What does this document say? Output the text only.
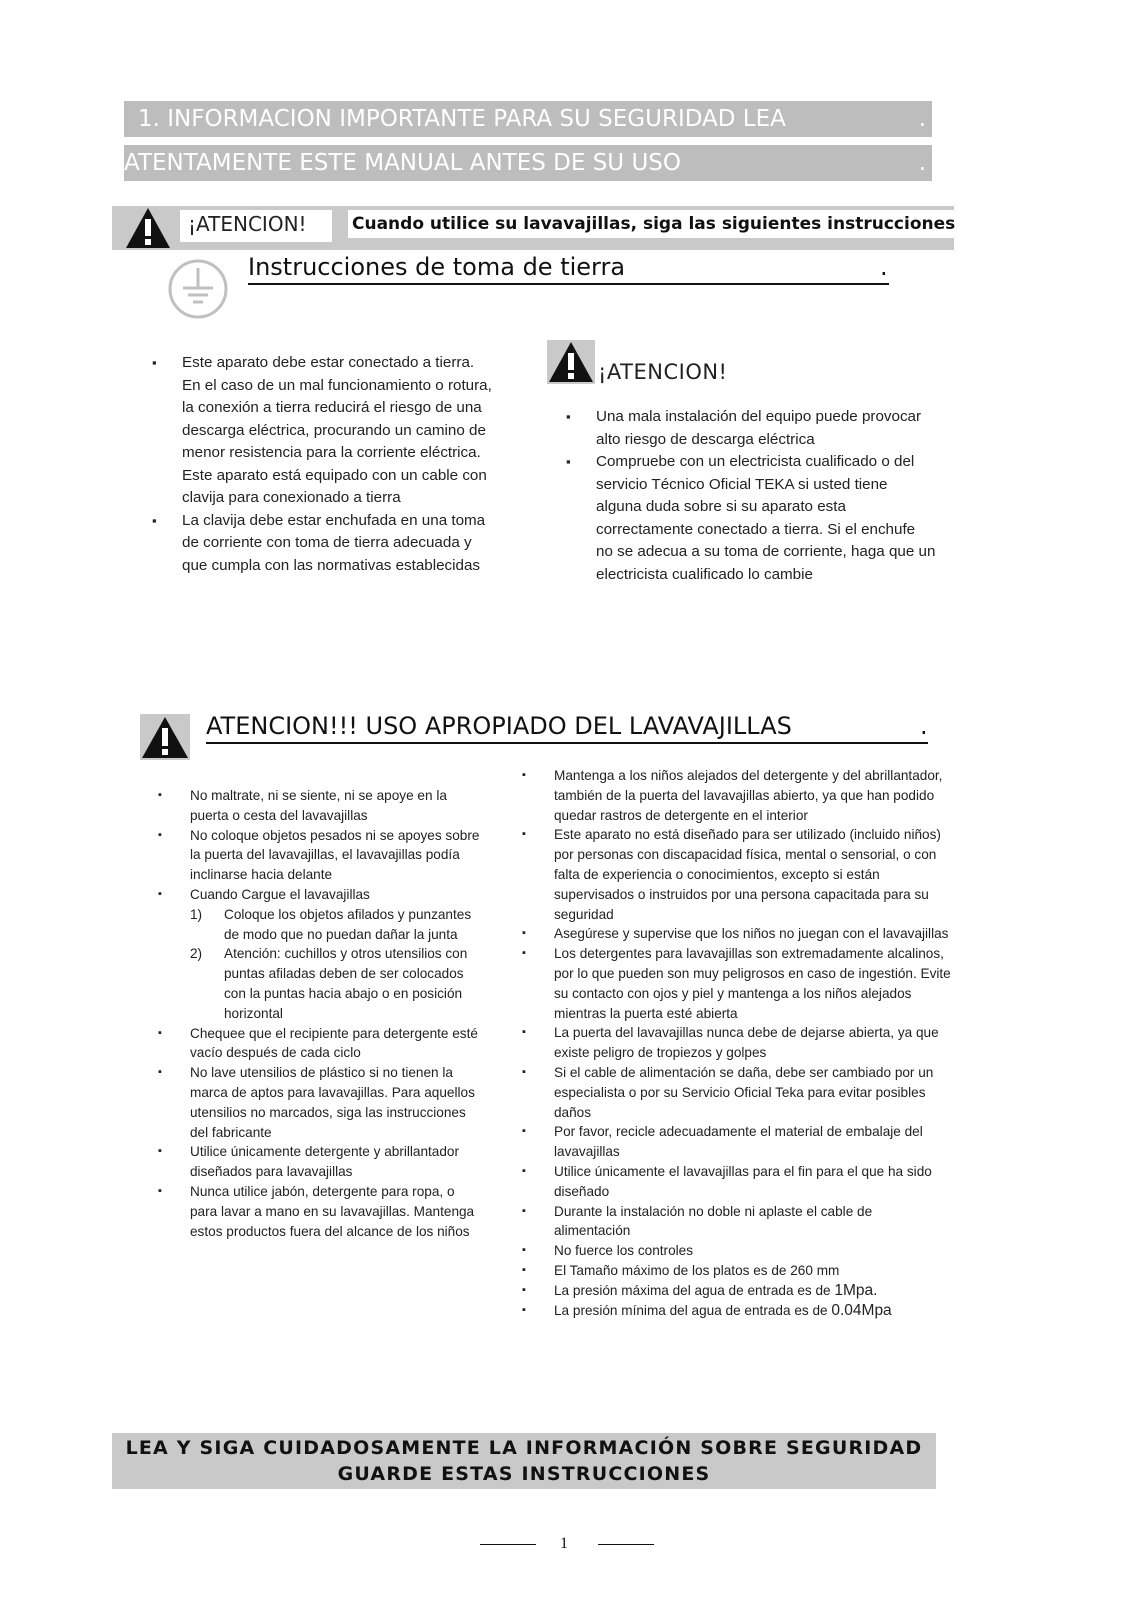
1. INFORMACION IMPORTANTE PARA SU SEGURIDAD LEA	.
ATENTAMENTE ESTE MANUAL ANTES DE SU USO	.
¡ATENCION!	Cuando utilice su lavavajillas, siga las siguientes instrucciones
Instrucciones de toma de tierra	.
▪ Este aparato debe estar conectado a tierra. En el caso de un mal funcionamiento o rotura, la conexión a tierra reducirá el riesgo de una descarga eléctrica, procurando un camino de menor resistencia para la corriente eléctrica. Este aparato está equipado con un cable con clavija para conexionado a tierra
▪ La clavija debe estar enchufada en una toma de corriente con toma de tierra adecuada y que cumpla con las normativas establecidas
¡ATENCION!
▪ Una mala instalación del equipo puede provocar alto riesgo de descarga eléctrica
▪ Compruebe con un electricista cualificado o del servicio Técnico Oficial TEKA si usted tiene alguna duda sobre si su aparato esta correctamente conectado a tierra. Si el enchufe no se adecua a su toma de corriente, haga que un electricista cualificado lo cambie
ATENCION!!! USO APROPIADO DEL LAVAVAJILLAS	.
▪ No maltrate, ni se siente, ni se apoye en la puerta o cesta del lavavajillas
▪ No coloque objetos pesados ni se apoyes sobre la puerta del lavavajillas, el lavavajillas podía inclinarse hacia delante
▪ Cuando Cargue el lavavajillas
1) Coloque los objetos afilados y punzantes de modo que no puedan dañar la junta
2) Atención: cuchillos y otros utensilios con puntas afiladas deben de ser colocados con la puntas hacia abajo o en posición horizontal
▪ Chequee que el recipiente para detergente esté vacío después de cada ciclo
▪ No lave utensilios de plástico si no tienen la marca de aptos para lavavajillas. Para aquellos utensilios no marcados, siga las instrucciones del fabricante
▪ Utilice únicamente detergente y abrillantador diseñados para lavavajillas
▪ Nunca utilice jabón, detergente para ropa, o para lavar a mano en su lavavajillas. Mantenga estos productos fuera del alcance de los niños
▪ Mantenga a los niños alejados del detergente y del abrillantador, también de la puerta del lavavajillas abierto, ya que han podido quedar rastros de detergente en el interior
▪ Este aparato no está diseñado para ser utilizado (incluido niños) por personas con discapacidad física, mental o sensorial, o con falta de experiencia o conocimientos, excepto si están supervisados o instruidos por una persona capacitada para su seguridad
▪ Asegúrese y supervise que los niños no juegan con el lavavajillas
▪ Los detergentes para lavavajillas son extremadamente alcalinos, por lo que pueden son muy peligrosos en caso de ingestión. Evite su contacto con ojos y piel y mantenga a los niños alejados mientras la puerta esté abierta
▪ La puerta del lavavajillas nunca debe de dejarse abierta, ya que existe peligro de tropiezos y golpes
▪ Si el cable de alimentación se daña, debe ser cambiado por un especialista o por su Servicio Oficial Teka para evitar posibles daños
▪ Por favor, recicle adecuadamente el material de embalaje del lavavajillas
▪ Utilice únicamente el lavavajillas para el fin para el que ha sido diseñado
▪ Durante la instalación no doble ni aplaste el cable de alimentación
▪ No fuerce los controles
▪ El Tamaño máximo de los platos es de 260 mm
▪ La presión máxima del agua de entrada es de 1Mpa.
▪ La presión mínima del agua de entrada es de 0.04Mpa
LEA Y SIGA CUIDADOSAMENTE LA INFORMACIÓN SOBRE SEGURIDAD
GUARDE ESTAS INSTRUCCIONES
1
